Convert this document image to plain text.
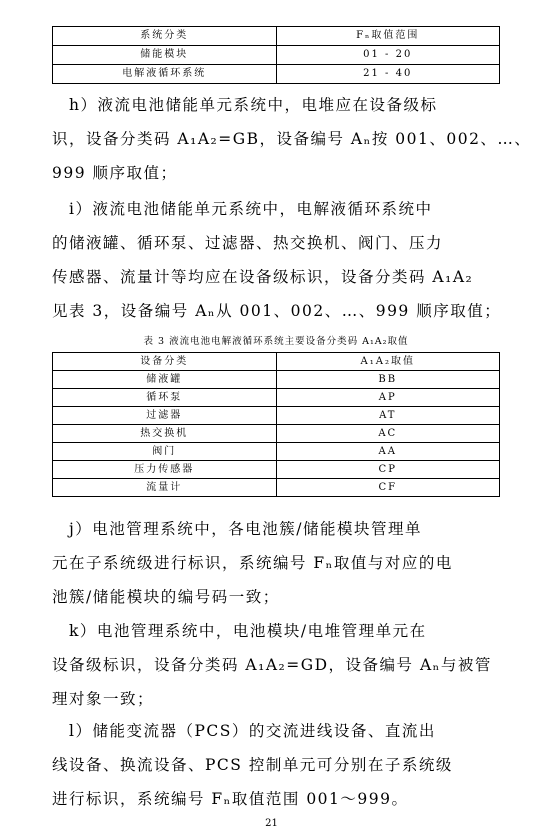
系统分类	Fₙ取值范围
储能模块	01 - 20
电解液循环系统	21 - 40
　h）液流电池储能单元系统中，电堆应在设备级标
识，设备分类码 A₁A₂=GB，设备编号 Aₙ按 001、002、…、
999 顺序取值；
　i）液流电池储能单元系统中，电解液循环系统中
的储液罐、循环泵、过滤器、热交换机、阀门、压力
传感器、流量计等均应在设备级标识，设备分类码 A₁A₂
见表 3，设备编号 Aₙ从 001、002、…、999 顺序取值；
表 3 液流电池电解液循环系统主要设备分类码 A₁A₂取值
设备分类	A₁A₂取值
储液罐	BB
循环泵	AP
过滤器	AT
热交换机	AC
阀门	AA
压力传感器	CP
流量计	CF
　j）电池管理系统中，各电池簇/储能模块管理单
元在子系统级进行标识，系统编号 Fₙ取值与对应的电
池簇/储能模块的编号码一致；
　k）电池管理系统中，电池模块/电堆管理单元在
设备级标识，设备分类码 A₁A₂=GD，设备编号 Aₙ与被管
理对象一致；
　l）储能变流器（PCS）的交流进线设备、直流出
线设备、换流设备、PCS 控制单元可分别在子系统级
进行标识，系统编号 Fₙ取值范围 001～999。
21
